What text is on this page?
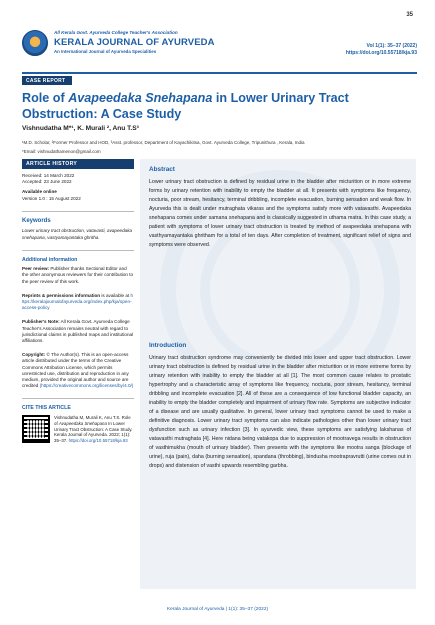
35
All Kerala Govt. Ayurveda College Teacher's Association
KERALA JOURNAL OF AYURVEDA
An International Journal of Ayurveda Specialities
Vol 1(1): 35–37 (2022)
https://doi.org/10.55718/kja.93
CASE REPORT
Role of Avapeedaka Snehapana in Lower Urinary Tract Obstruction: A Case Study
Vishnudatha M*¹, K. Murali ², Anu T.S³
¹M.D. Scholar, ²Former Professor and HOD, ³Asst. professor, Department of Kayachikitsa, Govt. Ayurveda College, Tripunithura , Kerala, India
*Email: vishnudathamenon@gmail.com
ARTICLE HISTORY
Received: 14 March 2022
Accepted: 23 June 2022
Available online
Version 1.0 : 15 August 2022
Keywords
Lower urinary tract obstruction, vatavasti, avapeedaka snehapana, vastyamayantaka ghritha.
Additional information
Peer review: Publisher thanks Sectional Editor and the other anonymous reviewers for their contribution to the peer review of this work.
Reprints & permissions information is available at https://keralajournalofayurveda.org/index.php/kja/open-access-policy
Publisher's Note: All Kerala Govt. Ayurveda College Teacher's Association remains neutral with regard to jurisdictional claims in published maps and institutional affiliations.
Copyright: © The Author(s). This is an open-access article distributed under the terms of the Creative Commons Attribution License, which permits unrestricted use, distribution and reproduction in any medium, provided the original author and source are credited (https://creativecommons.org/licenses/by/4.0/)
CITE THIS ARTICLE
Vishnudatha M, Murali K, Anu T.S. Role of Avapeedaka Snehapana In Lower Urinary Tract Obstruction: A Case Study. Kerala Journal of Ayurveda. 2022; 1(1): 35–37. https://doi.org/10.55718/kja.93
Abstract
Lower urinary tract obstruction is defined by residual urine in the bladder after micturition or in more extreme forms by urinary retention with inability to empty the bladder at all. It presents with symptoms like frequency, nocturia, poor stream, hesitancy, terminal dribbling, incomplete evacuation, burning sensation and weak flow. In Ayurveda this is dealt under mutraghata vikaras and the symptoms satisfy more with vatavasthi. Avapeedaka snehapana comes under samana snehapana and is classically suggested in uthama matra. In this case study, a patient with symptoms of lower urinary tract obstruction is treated by method of avapeedaka snehapana with vasthyamayantaka ghritham for a total of ten days. After completion of treatment, significant relief of signs and symptoms were observed.
Introduction
Urinary tract obstruction syndrome may conveniently be divided into lower and upper tract obstruction. Lower urinary tract obstruction is defined by residual urine in the bladder after micturition or in more extreme forms by urinary retention with inability to empty the bladder at all [1]. The most common cause relates to prostatic hypertrophy and a characteristic array of symptoms like frequency, nocturia, poor stream, hesitancy, terminal dribbling and incomplete evacuation [2]. All of these are a consequence of low functional bladder capacity, an inability to empty the bladder completely and impairment of urinary flow rate. Symptoms are subjective indicator of a disease and are usually qualitative. In general, lower urinary tract symptoms cannot be used to make a definitive diagnosis. Lower urinary tract symptoms can also indicate pathologies other than lower urinary tract dysfunction such as urinary infection [3]. In ayurvedic view, these symptoms are satisfying lakshanas of vatavasthi mutraghata [4]. Here nidana being vatakopa due to suppression of mootravega results in obstruction of vasthimukha (mouth of urinary bladder). Then presents with the symptoms like mootra sanga (blockage of urine), ruja (pain), daha (burning sensation), spandana (throbbing), bindusha mootrapravrutti (urine comes out in drops) and distension of vasthi upwards resembling garbha.
Kerala Journal of Ayurveda | 1(1): 35–37 (2022)
